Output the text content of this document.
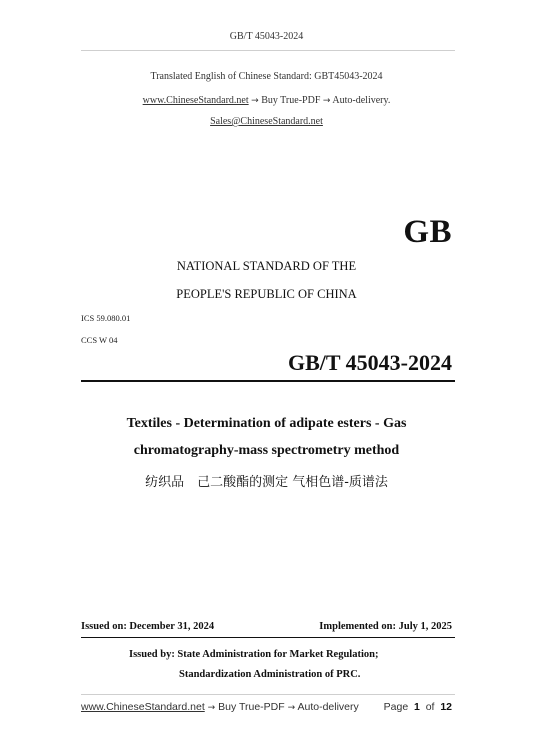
GB/T 45043-2024
Translated English of Chinese Standard: GBT45043-2024
www.ChineseStandard.net → Buy True-PDF → Auto-delivery.
Sales@ChineseStandard.net
GB
NATIONAL STANDARD OF THE
PEOPLE'S REPUBLIC OF CHINA
ICS 59.080.01
CCS W 04
GB/T 45043-2024
Textiles - Determination of adipate esters - Gas
chromatography-mass spectrometry method
纺织品　己二酸酯的测定 气相色谱-质谱法
Issued on: December 31, 2024	Implemented on: July 1, 2025
Issued by: State Administration for Market Regulation;
Standardization Administration of PRC.
www.ChineseStandard.net → Buy True-PDF → Auto-delivery Page 1 of 12
